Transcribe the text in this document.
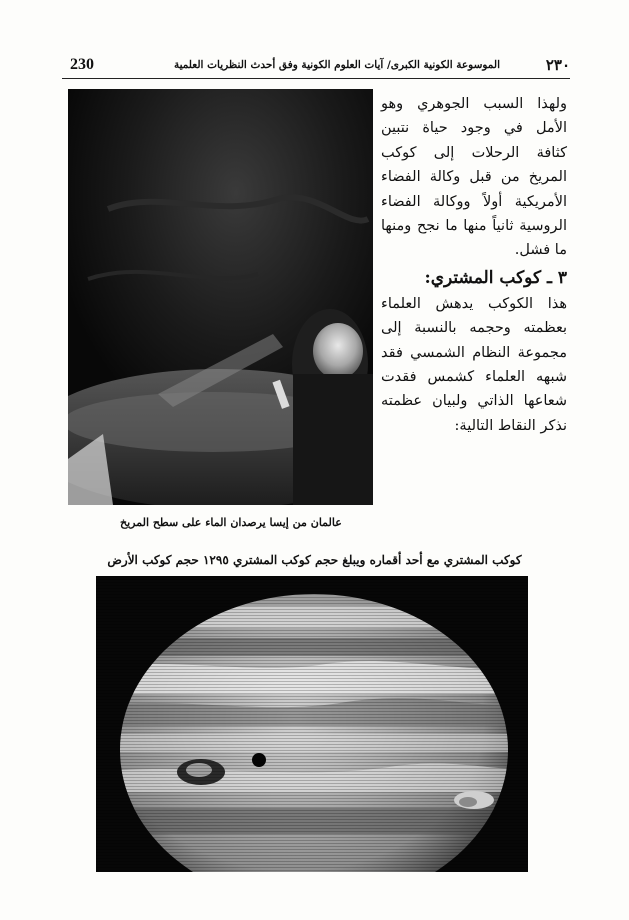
230	الموسوعة الكونية الكبرى/ آيات العلوم الكونية وفق أحدث النظريات العلمية	٢٣٠
عالمان من إيسا يرصدان الماء على سطح المريخ

ولهذا السبب الجوهري وهو الأمل في وجود حياة نتبين كثافة الرحلات إلى كوكب المريخ من قبل وكالة الفضاء الأمريكية أولاً ووكالة الفضاء الروسية ثانياً منها ما نجح ومنها ما فشل.

٣ ـ كوكب المشتري:

هذا الكوكب يدهش العلماء بعظمته وحجمه بالنسبة إلى مجموعة النظام الشمسي فقد شبهه العلماء كشمس فقدت شعاعها الذاتي ولبيان عظمته نذكر النقاط التالية:

كوكب المشتري مع أحد أقماره ويبلغ حجم كوكب المشتري ١٢٩٥ حجم كوكب الأرض
